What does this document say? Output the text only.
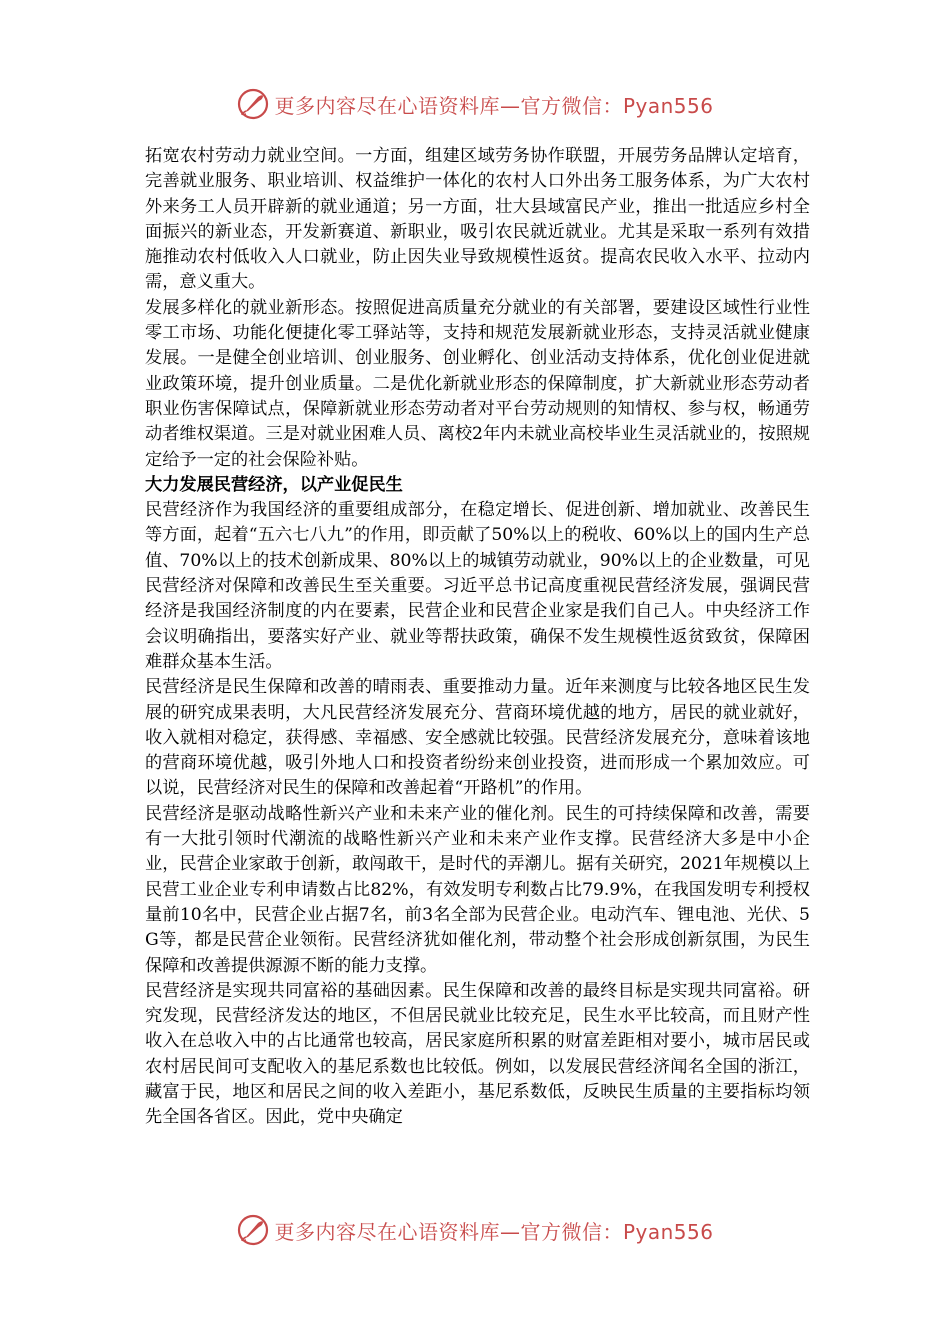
更多内容尽在心语资料库—官方微信：Pyan556

拓宽农村劳动力就业空间。一方面，组建区域劳务协作联盟，开展劳务品牌认定培育，完善就业服务、职业培训、权益维护一体化的农村人口外出务工服务体系，为广大农村外来务工人员开辟新的就业通道；另一方面，壮大县域富民产业，推出一批适应乡村全面振兴的新业态，开发新赛道、新职业，吸引农民就近就业。尤其是采取一系列有效措施推动农村低收入人口就业，防止因失业导致规模性返贫。提高农民收入水平、拉动内需，意义重大。

发展多样化的就业新形态。按照促进高质量充分就业的有关部署，要建设区域性行业性零工市场、功能化便捷化零工驿站等，支持和规范发展新就业形态，支持灵活就业健康发展。一是健全创业培训、创业服务、创业孵化、创业活动支持体系，优化创业促进就业政策环境，提升创业质量。二是优化新就业形态的保障制度，扩大新就业形态劳动者职业伤害保障试点，保障新就业形态劳动者对平台劳动规则的知情权、参与权，畅通劳动者维权渠道。三是对就业困难人员、离校2年内未就业高校毕业生灵活就业的，按照规定给予一定的社会保险补贴。

大力发展民营经济，以产业促民生

民营经济作为我国经济的重要组成部分，在稳定增长、促进创新、增加就业、改善民生等方面，起着“五六七八九”的作用，即贡献了50%以上的税收、60%以上的国内生产总值、70%以上的技术创新成果、80%以上的城镇劳动就业，90%以上的企业数量，可见民营经济对保障和改善民生至关重要。习近平总书记高度重视民营经济发展，强调民营经济是我国经济制度的内在要素，民营企业和民营企业家是我们自己人。中央经济工作会议明确指出，要落实好产业、就业等帮扶政策，确保不发生规模性返贫致贫，保障困难群众基本生活。

民营经济是民生保障和改善的晴雨表、重要推动力量。近年来测度与比较各地区民生发展的研究成果表明，大凡民营经济发展充分、营商环境优越的地方，居民的就业就好，收入就相对稳定，获得感、幸福感、安全感就比较强。民营经济发展充分，意味着该地的营商环境优越，吸引外地人口和投资者纷纷来创业投资，进而形成一个累加效应。可以说，民营经济对民生的保障和改善起着“开路机”的作用。

民营经济是驱动战略性新兴产业和未来产业的催化剂。民生的可持续保障和改善，需要有一大批引领时代潮流的战略性新兴产业和未来产业作支撑。民营经济大多是中小企业，民营企业家敢于创新，敢闯敢干，是时代的弄潮儿。据有关研究，2021年规模以上民营工业企业专利申请数占比82%，有效发明专利数占比79.9%，在我国发明专利授权量前10名中，民营企业占据7名，前3名全部为民营企业。电动汽车、锂电池、光伏、5G等，都是民营企业领衔。民营经济犹如催化剂，带动整个社会形成创新氛围，为民生保障和改善提供源源不断的能力支撑。

民营经济是实现共同富裕的基础因素。民生保障和改善的最终目标是实现共同富裕。研究发现，民营经济发达的地区，不但居民就业比较充足，民生水平比较高，而且财产性收入在总收入中的占比通常也较高，居民家庭所积累的财富差距相对要小，城市居民或农村居民间可支配收入的基尼系数也比较低。例如，以发展民营经济闻名全国的浙江，藏富于民，地区和居民之间的收入差距小，基尼系数低，反映民生质量的主要指标均领先全国各省区。因此，党中央确定

更多内容尽在心语资料库—官方微信：Pyan556
